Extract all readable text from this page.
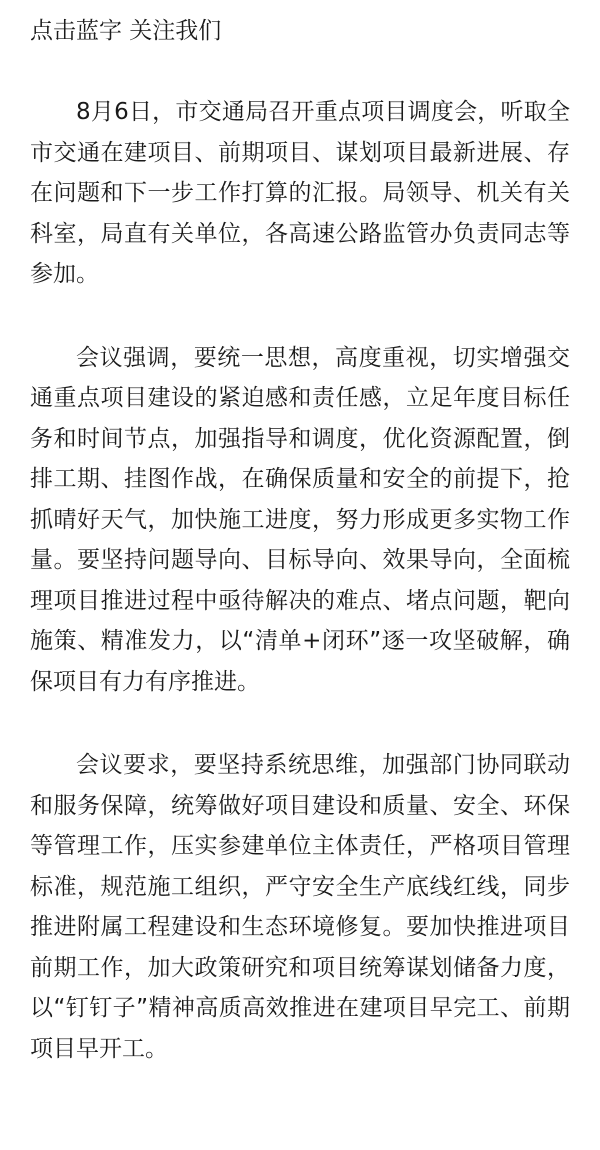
点击蓝字 关注我们

8月6日，市交通局召开重点项目调度会，听取全市交通在建项目、前期项目、谋划项目最新进展、存在问题和下一步工作打算的汇报。局领导、机关有关科室，局直有关单位，各高速公路监管办负责同志等参加。

会议强调，要统一思想，高度重视，切实增强交通重点项目建设的紧迫感和责任感，立足年度目标任务和时间节点，加强指导和调度，优化资源配置，倒排工期、挂图作战，在确保质量和安全的前提下，抢抓晴好天气，加快施工进度，努力形成更多实物工作量。要坚持问题导向、目标导向、效果导向，全面梳理项目推进过程中亟待解决的难点、堵点问题，靶向施策、精准发力，以“清单+闭环”逐一攻坚破解，确保项目有力有序推进。

会议要求，要坚持系统思维，加强部门协同联动和服务保障，统筹做好项目建设和质量、安全、环保等管理工作，压实参建单位主体责任，严格项目管理标准，规范施工组织，严守安全生产底线红线，同步推进附属工程建设和生态环境修复。要加快推进项目前期工作，加大政策研究和项目统筹谋划储备力度，以“钉钉子”精神高质高效推进在建项目早完工、前期项目早开工。
